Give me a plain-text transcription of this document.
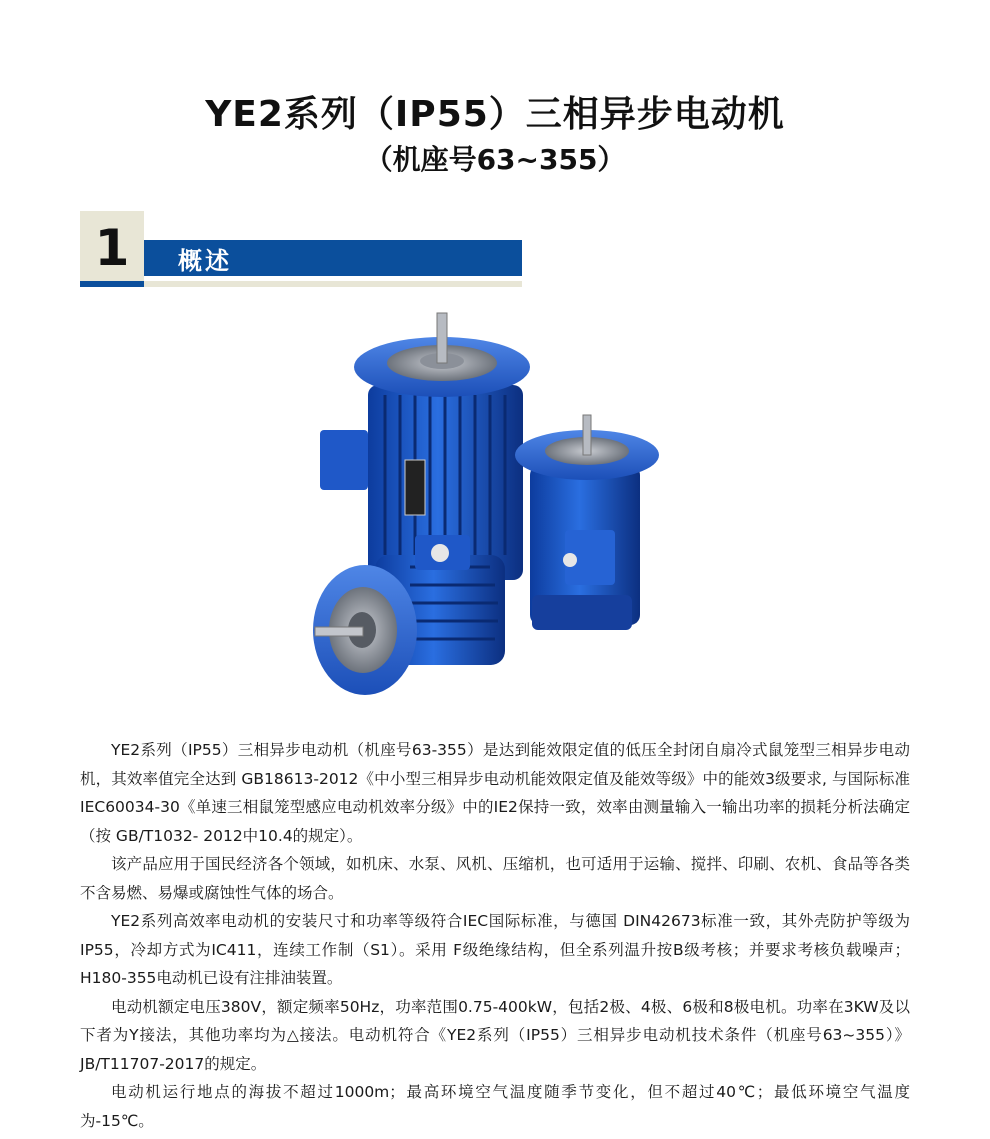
YE2系列（IP55）三相异步电动机
（机座号63~355）
1	概述

YE2系列（IP55）三相异步电动机（机座号63-355）是达到能效限定值的低压全封闭自扇冷式鼠笼型三相异步电动机，其效率值完全达到 GB18613-2012《中小型三相异步电动机能效限定值及能效等级》中的能效3级要求, 与国际标准IEC60034-30《单速三相鼠笼型感应电动机效率分级》中的IE2保持一致，效率由测量输入一输出功率的损耗分析法确定（按 GB/T1032- 2012中10.4的规定）。

该产品应用于国民经济各个领域，如机床、水泵、风机、压缩机，也可适用于运输、搅拌、印刷、农机、食品等各类不含易燃、易爆或腐蚀性气体的场合。

YE2系列高效率电动机的安装尺寸和功率等级符合IEC国际标准，与德国 DIN42673标准一致，其外壳防护等级为IP55，冷却方式为IC411，连续工作制（S1）。采用 F级绝缘结构，但全系列温升按B级考核；并要求考核负载噪声；H180-355电动机已设有注排油装置。

电动机额定电压380V，额定频率50Hz，功率范围0.75-400kW，包括2极、4极、6极和8极电机。功率在3KW及以下者为Y接法，其他功率均为△接法。电动机符合《YE2系列（IP55）三相异步电动机技术条件（机座号63~355）》JB/T11707-2017的规定。

电动机运行地点的海拔不超过1000m；最高环境空气温度随季节变化，但不超过40℃；最低环境空气温度为-15℃。
